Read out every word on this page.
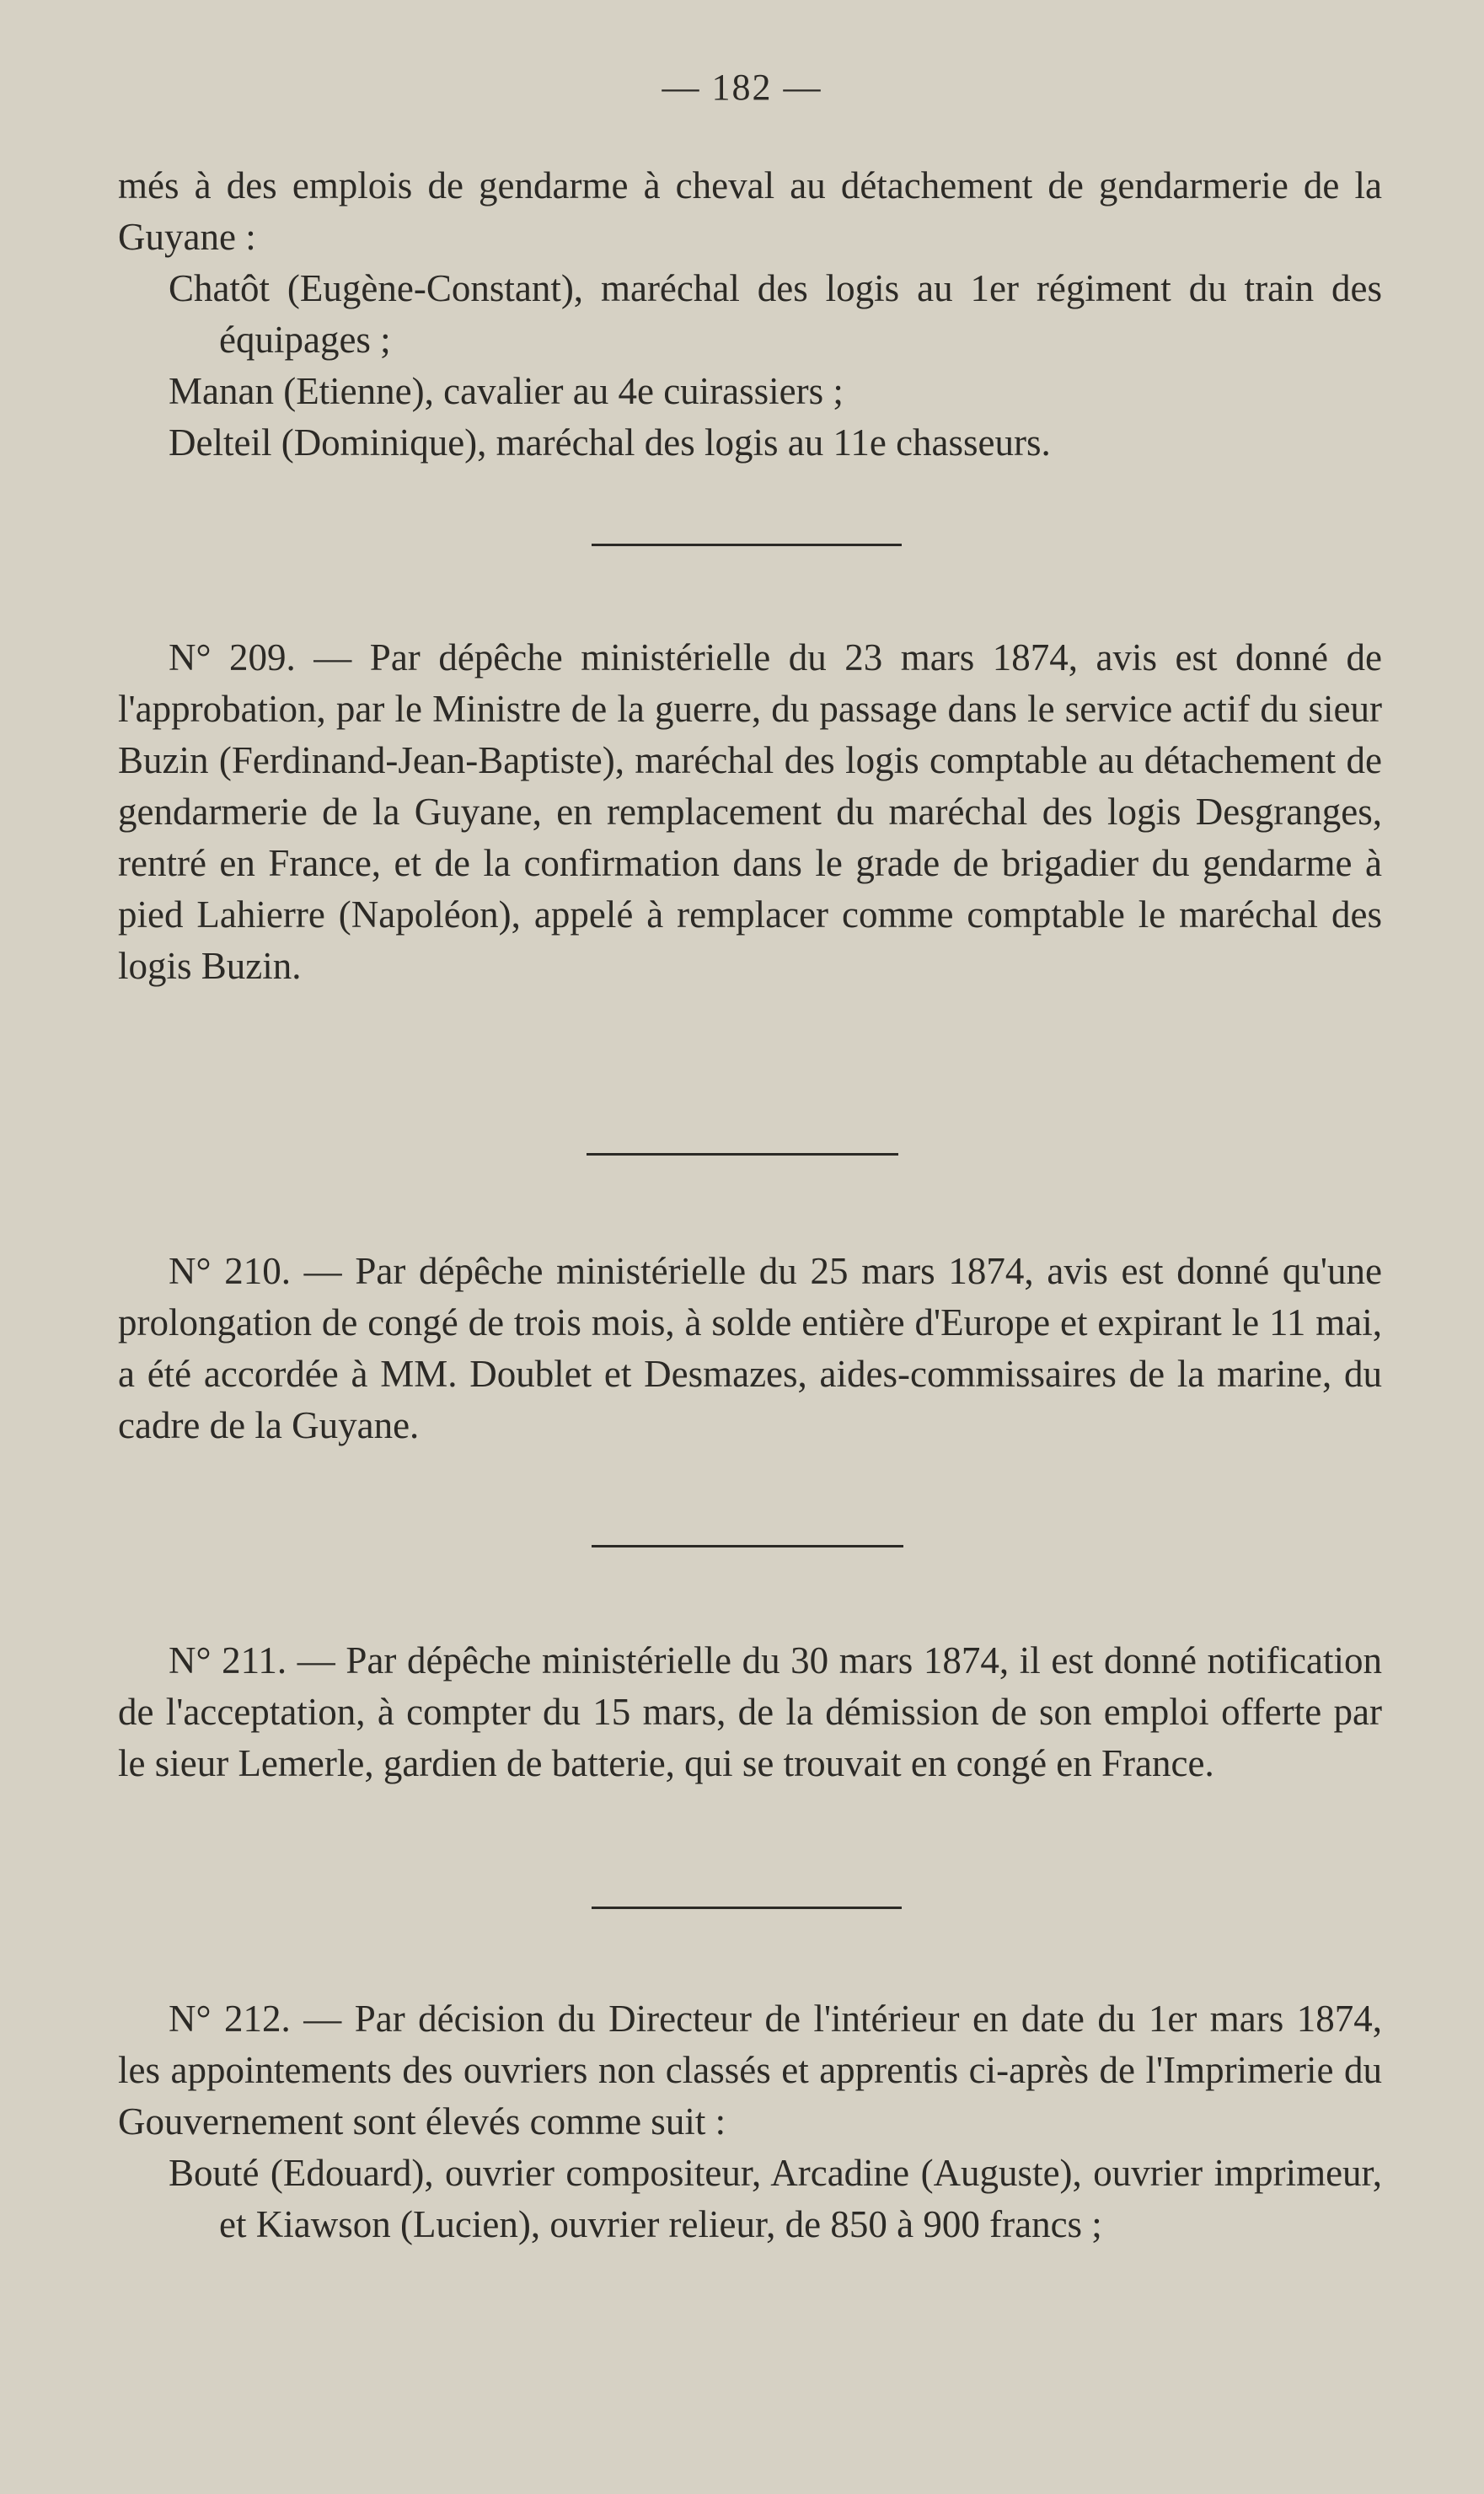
— 182 —

més à des emplois de gendarme à cheval au détachement de gendarmerie de la Guyane :

Chatôt (Eugène-Constant), maréchal des logis au 1er régiment du train des équipages ;

Manan (Etienne), cavalier au 4e cuirassiers ;

Delteil (Dominique), maréchal des logis au 11e chasseurs.

N° 209. — Par dépêche ministérielle du 23 mars 1874, avis est donné de l'approbation, par le Ministre de la guerre, du passage dans le service actif du sieur Buzin (Ferdinand-Jean-Baptiste), maréchal des logis comptable au détachement de gendarmerie de la Guyane, en remplacement du maréchal des logis Desgranges, rentré en France, et de la confirmation dans le grade de brigadier du gendarme à pied Lahierre (Napoléon), appelé à remplacer comme comptable le maréchal des logis Buzin.

N° 210. — Par dépêche ministérielle du 25 mars 1874, avis est donné qu'une prolongation de congé de trois mois, à solde entière d'Europe et expirant le 11 mai, a été accordée à MM. Doublet et Desmazes, aides-commissaires de la marine, du cadre de la Guyane.

N° 211. — Par dépêche ministérielle du 30 mars 1874, il est donné notification de l'acceptation, à compter du 15 mars, de la démission de son emploi offerte par le sieur Lemerle, gardien de batterie, qui se trouvait en congé en France.

N° 212. — Par décision du Directeur de l'intérieur en date du 1er mars 1874, les appointements des ouvriers non classés et apprentis ci-après de l'Imprimerie du Gouvernement sont élevés comme suit :

Bouté (Edouard), ouvrier compositeur, Arcadine (Auguste), ouvrier imprimeur, et Kiawson (Lucien), ouvrier relieur, de 850 à 900 francs ;
